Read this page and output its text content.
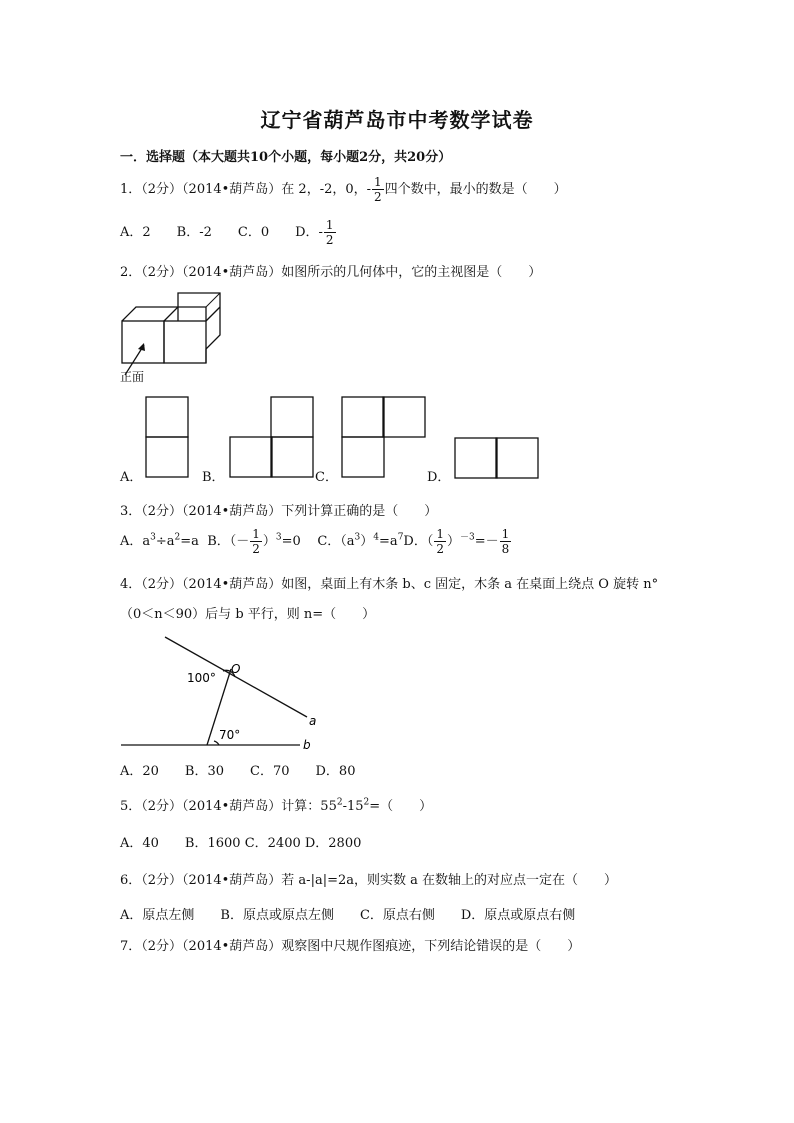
辽宁省葫芦岛市中考数学试卷
一．选择题（本大题共10个小题，每小题2分，共20分）
1．（2分）（2014•葫芦岛）在 2，-2，0，- $\frac{1}{2}$ 四个数中，最小的数是（　　）
A．2　　B．-2　　C．0　　D．- $\frac{1}{2}$
2．（2分）（2014•葫芦岛）如图所示的几何体中，它的主视图是（　　）
正面
A．	B．	C．	D．
3．（2分）（2014•葫芦岛）下列计算正确的是（　　）
A．$a^3\div a^2=a$ B．（－ $\frac{1}{2} )^3=0$ C．$(a^3)^4=a^7D$．（ $\frac{1}{2} )^{-3}=- \frac{1}{8}$
4．（2分）（2014•葫芦岛）如图，桌面上有木条 b、c 固定，木条 a 在桌面上绕点 O 旋转 n°
（0＜n＜90）后与 b 平行，则 n=（　　）
O
a
b
100°
70°
A．20　　B．30　　C．70　　D．80
5．（2分）（2014•葫芦岛）计算：$55^2-15^2=$（　　）
A．40　　B．1600 C．2400 D．2800
6．（2分）（2014•葫芦岛）若 a-|a|=2a，则实数 a 在数轴上的对应点一定在（　　）
A．原点左侧　　B．原点或原点左侧　　C．原点右侧　　D．原点或原点右侧
7．（2分）（2014•葫芦岛）观察图中尺规作图痕迹，下列结论错误的是（　　）
